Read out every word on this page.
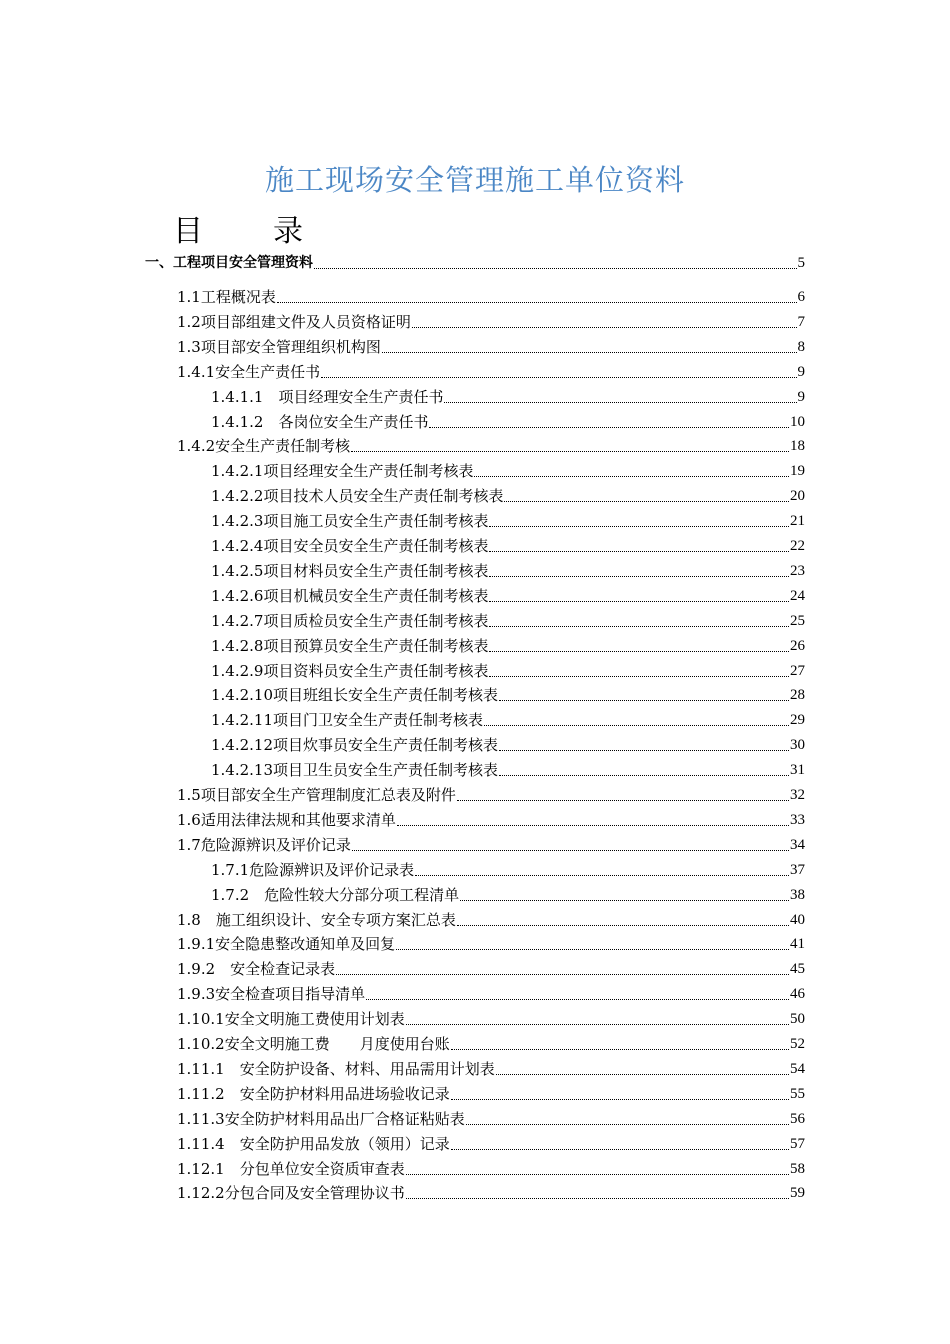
施工现场安全管理施工单位资料
目 录
一、工程项目安全管理资料	5
1.1工程概况表	6
1.2项目部组建文件及人员资格证明	7
1.3项目部安全管理组织机构图	8
1.4.1安全生产责任书	9
1.4.1.1　项目经理安全生产责任书	9
1.4.1.2　各岗位安全生产责任书	10
1.4.2安全生产责任制考核	18
1.4.2.1项目经理安全生产责任制考核表	19
1.4.2.2项目技术人员安全生产责任制考核表	20
1.4.2.3项目施工员安全生产责任制考核表	21
1.4.2.4项目安全员安全生产责任制考核表	22
1.4.2.5项目材料员安全生产责任制考核表	23
1.4.2.6项目机械员安全生产责任制考核表	24
1.4.2.7项目质检员安全生产责任制考核表	25
1.4.2.8项目预算员安全生产责任制考核表	26
1.4.2.9项目资料员安全生产责任制考核表	27
1.4.2.10项目班组长安全生产责任制考核表	28
1.4.2.11项目门卫安全生产责任制考核表	29
1.4.2.12项目炊事员安全生产责任制考核表	30
1.4.2.13项目卫生员安全生产责任制考核表	31
1.5项目部安全生产管理制度汇总表及附件	32
1.6适用法律法规和其他要求清单	33
1.7危险源辨识及评价记录	34
1.7.1危险源辨识及评价记录表	37
1.7.2　危险性较大分部分项工程清单	38
1.8　施工组织设计、安全专项方案汇总表	40
1.9.1安全隐患整改通知单及回复	41
1.9.2　安全检查记录表	45
1.9.3安全检查项目指导清单	46
1.10.1安全文明施工费使用计划表	50
1.10.2安全文明施工费　　月度使用台账	52
1.11.1　安全防护设备、材料、用品需用计划表	54
1.11.2　安全防护材料用品进场验收记录	55
1.11.3安全防护材料用品出厂合格证粘贴表	56
1.11.4　安全防护用品发放（领用）记录	57
1.12.1　分包单位安全资质审查表	58
1.12.2分包合同及安全管理协议书	59
